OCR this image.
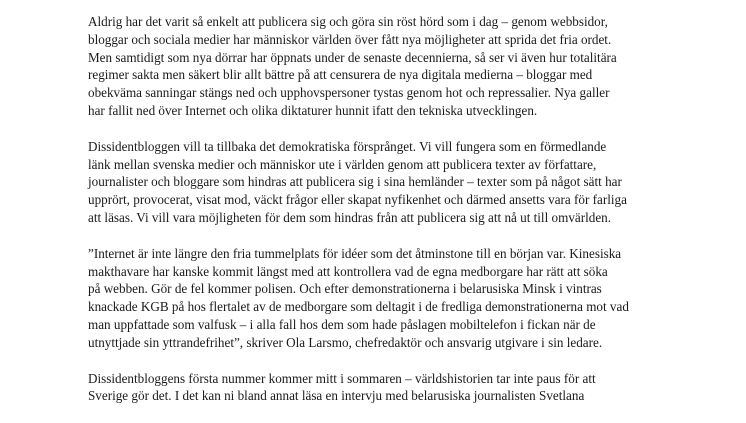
Aldrig har det varit så enkelt att publicera sig och göra sin röst hörd som i dag – genom webbsidor,
bloggar och sociala medier har människor världen över fått nya möjligheter att sprida det fria ordet.
Men samtidigt som nya dörrar har öppnats under de senaste decennierna, så ser vi även hur totalitära
regimer sakta men säkert blir allt bättre på att censurera de nya digitala medierna – bloggar med
obekväma sanningar stängs ned och upphovspersoner tystas genom hot och repressalier. Nya galler
har fallit ned över Internet och olika diktaturer hunnit ifatt den tekniska utvecklingen.

Dissidentbloggen vill ta tillbaka det demokratiska försprånget. Vi vill fungera som en förmedlande
länk mellan svenska medier och människor ute i världen genom att publicera texter av författare,
journalister och bloggare som hindras att publicera sig i sina hemländer – texter som på något sätt har
upprört, provocerat, visat mod, väckt frågor eller skapat nyfikenhet och därmed ansetts vara för farliga
att läsas. Vi vill vara möjligheten för dem som hindras från att publicera sig att nå ut till omvärlden.

”Internet är inte längre den fria tummelplats för idéer som det åtminstone till en början var. Kinesiska
makthavare har kanske kommit längst med att kontrollera vad de egna medborgare har rätt att söka
på webben. Gör de fel kommer polisen. Och efter demonstrationerna i belarusiska Minsk i vintras
knackade KGB på hos flertalet av de medborgare som deltagit i de fredliga demonstrationerna mot vad
man uppfattade som valfusk – i alla fall hos dem som hade påslagen mobiltelefon i fickan när de
utnyttjade sin yttrandefrihet”, skriver Ola Larsmo, chefredaktör och ansvarig utgivare i sin ledare.

Dissidentbloggens första nummer kommer mitt i sommaren – världshistorien tar inte paus för att
Sverige gör det. I det kan ni bland annat läsa en intervju med belarusiska journalisten Svetlana
